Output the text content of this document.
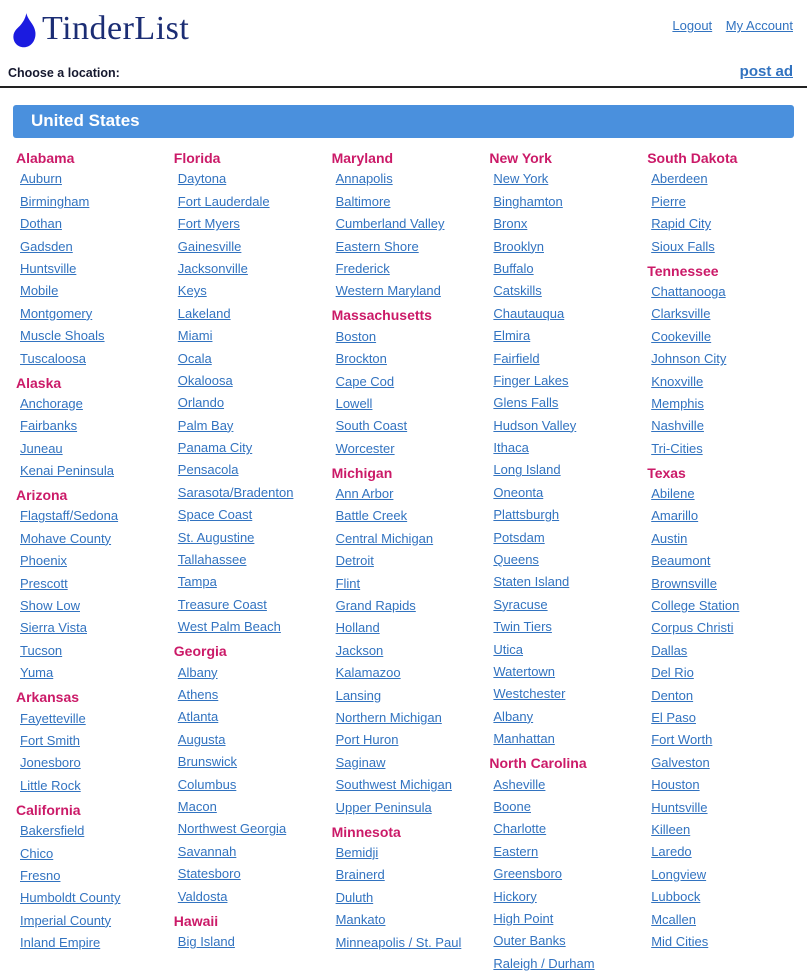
TinderList	Logout My Account
Choose a location:	post ad
United States
Alabama
Auburn
Birmingham
Dothan
Gadsden
Huntsville
Mobile
Montgomery
Muscle Shoals
Tuscaloosa
Alaska
Anchorage
Fairbanks
Juneau
Kenai Peninsula
Arizona
Flagstaff/Sedona
Mohave County
Phoenix
Prescott
Show Low
Sierra Vista
Tucson
Yuma
Arkansas
Fayetteville
Fort Smith
Jonesboro
Little Rock
California
Bakersfield
Chico
Fresno
Humboldt County
Imperial County
Inland Empire
Florida
Daytona
Fort Lauderdale
Fort Myers
Gainesville
Jacksonville
Keys
Lakeland
Miami
Ocala
Okaloosa
Orlando
Palm Bay
Panama City
Pensacola
Sarasota/Bradenton
Space Coast
St. Augustine
Tallahassee
Tampa
Treasure Coast
West Palm Beach
Georgia
Albany
Athens
Atlanta
Augusta
Brunswick
Columbus
Macon
Northwest Georgia
Savannah
Statesboro
Valdosta
Hawaii
Big Island
Maryland
Annapolis
Baltimore
Cumberland Valley
Eastern Shore
Frederick
Western Maryland
Massachusetts
Boston
Brockton
Cape Cod
Lowell
South Coast
Worcester
Michigan
Ann Arbor
Battle Creek
Central Michigan
Detroit
Flint
Grand Rapids
Holland
Jackson
Kalamazoo
Lansing
Northern Michigan
Port Huron
Saginaw
Southwest Michigan
Upper Peninsula
Minnesota
Bemidji
Brainerd
Duluth
Mankato
Minneapolis / St. Paul
New York
New York
Binghamton
Bronx
Brooklyn
Buffalo
Catskills
Chautauqua
Elmira
Fairfield
Finger Lakes
Glens Falls
Hudson Valley
Ithaca
Long Island
Oneonta
Plattsburgh
Potsdam
Queens
Staten Island
Syracuse
Twin Tiers
Utica
Watertown
Westchester
Albany
Manhattan
North Carolina
Asheville
Boone
Charlotte
Eastern
Greensboro
Hickory
High Point
Outer Banks
Raleigh / Durham
South Dakota
Aberdeen
Pierre
Rapid City
Sioux Falls
Tennessee
Chattanooga
Clarksville
Cookeville
Johnson City
Knoxville
Memphis
Nashville
Tri-Cities
Texas
Abilene
Amarillo
Austin
Beaumont
Brownsville
College Station
Corpus Christi
Dallas
Del Rio
Denton
El Paso
Fort Worth
Galveston
Houston
Huntsville
Killeen
Laredo
Longview
Lubbock
Mcallen
Mid Cities
